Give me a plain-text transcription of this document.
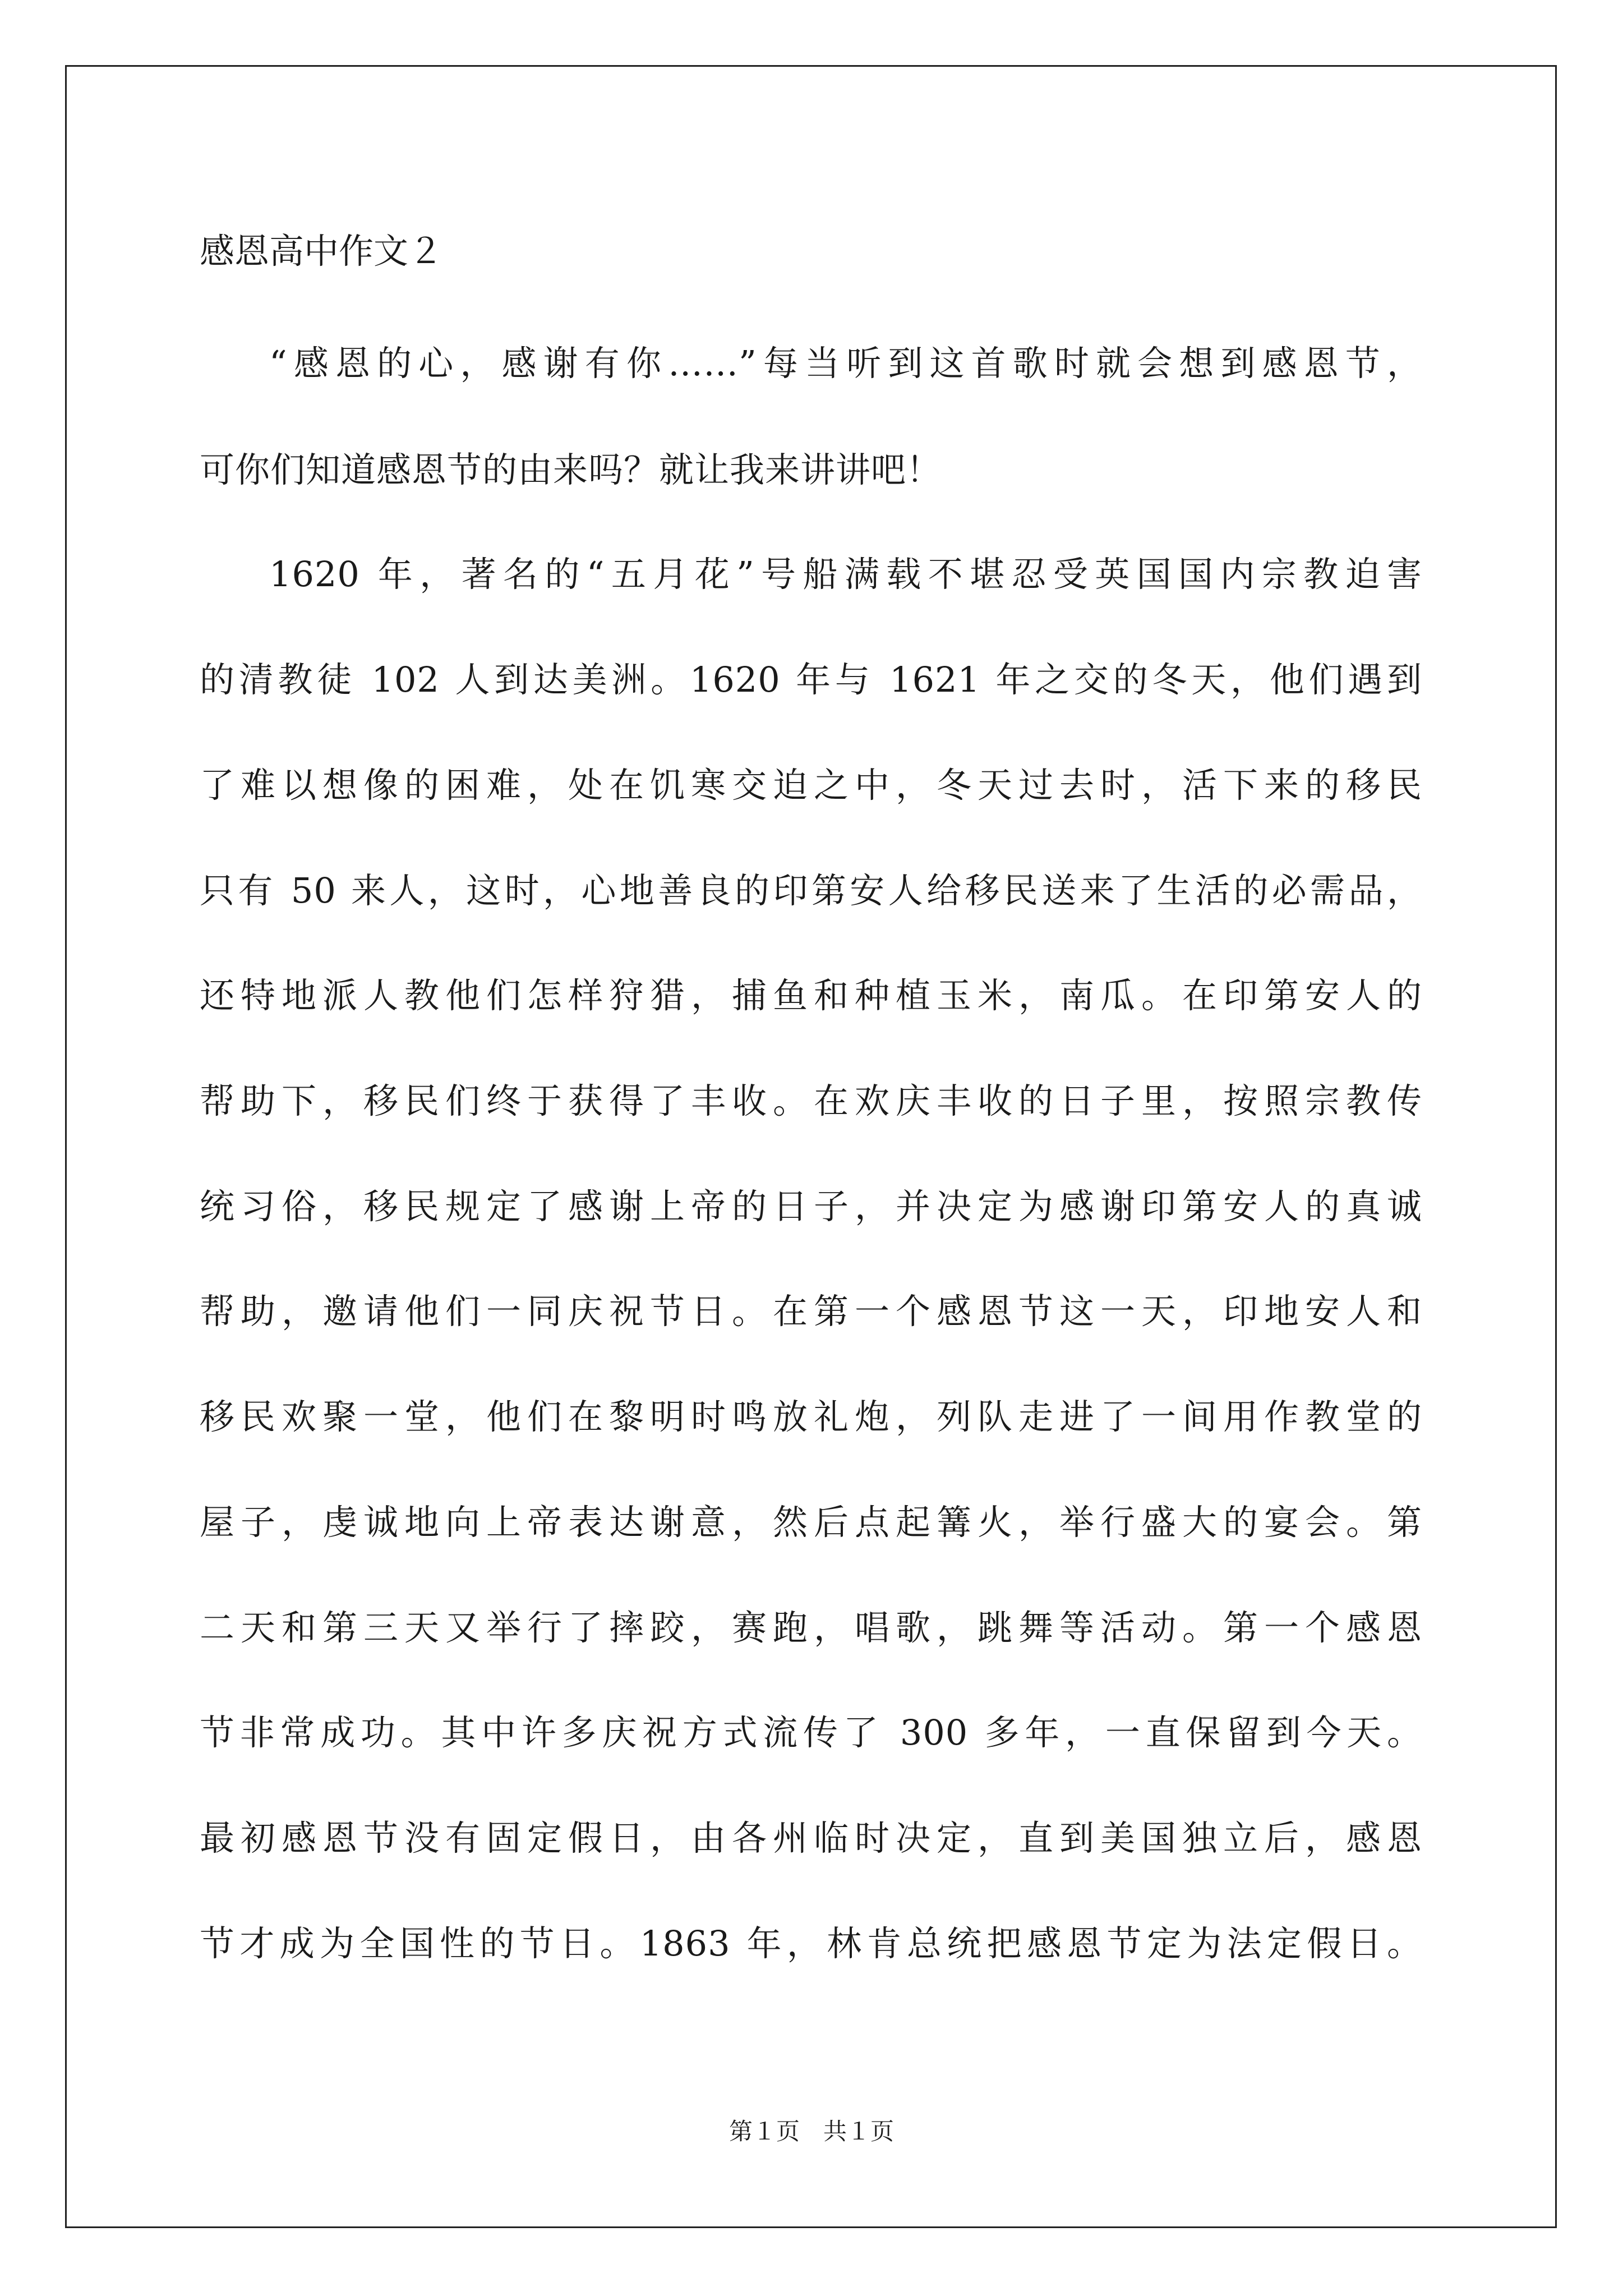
感恩高中作文２
“感恩的心，感谢有你……”每当听到这首歌时就会想到感恩节，
可你们知道感恩节的由来吗？就让我来讲讲吧！
1620 年，著名的“五月花”号船满载不堪忍受英国国内宗教迫害
的清教徒 102 人到达美洲。1620 年与 1621 年之交的冬天，他们遇到
了难以想像的困难，处在饥寒交迫之中，冬天过去时，活下来的移民
只有 50 来人，这时，心地善良的印第安人给移民送来了生活的必需品，
还特地派人教他们怎样狩猎，捕鱼和种植玉米，南瓜。在印第安人的
帮助下，移民们终于获得了丰收。在欢庆丰收的日子里，按照宗教传
统习俗，移民规定了感谢上帝的日子，并决定为感谢印第安人的真诚
帮助，邀请他们一同庆祝节日。在第一个感恩节这一天，印地安人和
移民欢聚一堂，他们在黎明时鸣放礼炮，列队走进了一间用作教堂的
屋子，虔诚地向上帝表达谢意，然后点起篝火，举行盛大的宴会。第
二天和第三天又举行了摔跤，赛跑，唱歌，跳舞等活动。第一个感恩
节非常成功。其中许多庆祝方式流传了 300 多年，一直保留到今天。
最初感恩节没有固定假日，由各州临时决定，直到美国独立后，感恩
节才成为全国性的节日。1863 年，林肯总统把感恩节定为法定假日。
第１页　共１页
